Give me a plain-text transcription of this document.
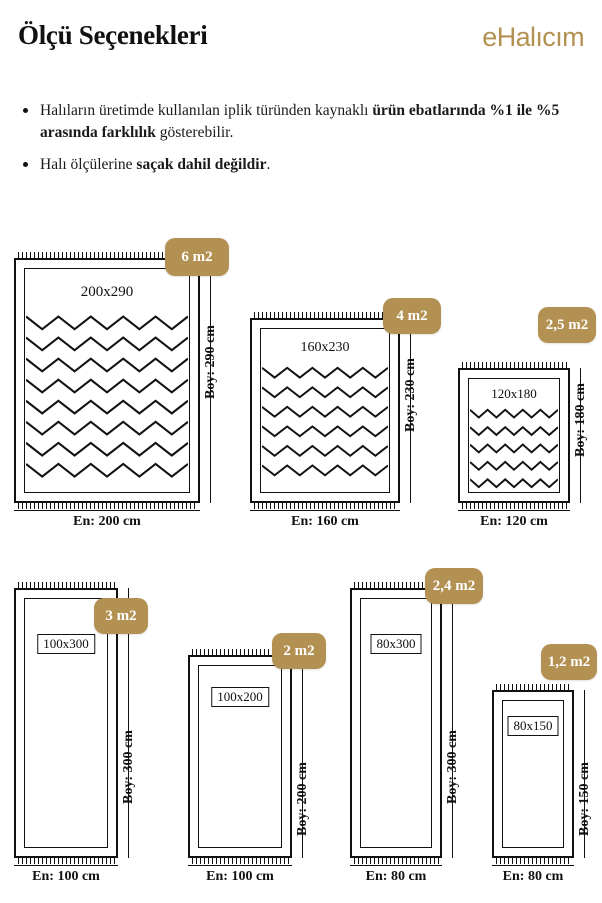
Ölçü Seçenekleri	eHalıcım
Halıların üretimde kullanılan iplik türünden kaynaklı ürün ebatlarında %1 ile %5 arasında farklılık gösterebilir.
Halı ölçülerine saçak dahil değildir.
200x290
Boy: 290 cm
En: 200 cm
6 m2
160x230
Boy: 230 cm
En: 160 cm
4 m2
120x180	Boy: 180 cm
En: 120 cm
2,5 m2
100x300
Boy: 300 cm
En: 100 cm
3 m2
100x200
Boy: 200 cm
En: 100 cm
2 m2	80x300
Boy: 300 cm
En: 80 cm
2,4 m2
80x150
Boy: 150 cm
En: 80 cm
1,2 m2
